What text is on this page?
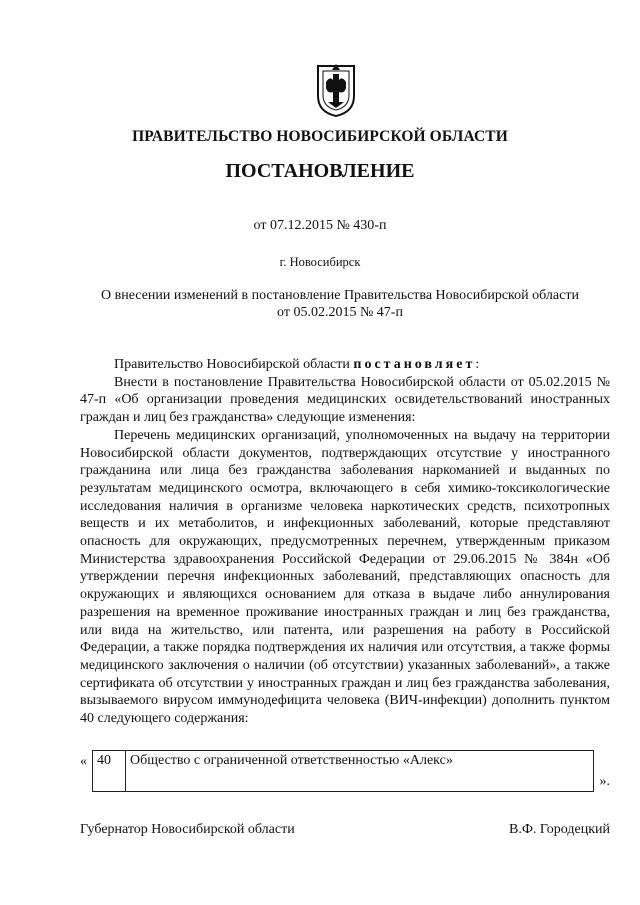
ПРАВИТЕЛЬСТВО НОВОСИБИРСКОЙ ОБЛАСТИ
ПОСТАНОВЛЕНИЕ
от 07.12.2015 № 430-п
г. Новосибирск
О внесении изменений в постановление Правительства Новосибирской области
от 05.02.2015 № 47-п

Правительство Новосибирской области постановляет:

Внести в постановление Правительства Новосибирской области от 05.02.2015 № 47-п «Об организации проведения медицинских освидетельствований иностранных граждан и лиц без гражданства» следующие изменения:

Перечень медицинских организаций, уполномоченных на выдачу на территории Новосибирской области документов, подтверждающих отсутствие у иностранного гражданина или лица без гражданства заболевания наркоманией и выданных по результатам медицинского осмотра, включающего в себя химико-токсикологические исследования наличия в организме человека наркотических средств, психотропных веществ и их метаболитов, и инфекционных заболеваний, которые представляют опасность для окружающих, предусмотренных перечнем, утвержденным приказом Министерства здравоохранения Российской Федерации от 29.06.2015 № 384н «Об утверждении перечня инфекционных заболеваний, представляющих опасность для окружающих и являющихся основанием для отказа в выдаче либо аннулирования разрешения на временное проживание иностранных граждан и лиц без гражданства, или вида на жительство, или патента, или разрешения на работу в Российской Федерации, а также порядка подтверждения их наличия или отсутствия, а также формы медицинского заключения о наличии (об отсутствии) указанных заболеваний», а также сертификата об отсутствии у иностранных граждан и лиц без гражданства заболевания, вызываемого вирусом иммунодефицита человека (ВИЧ-инфекции) дополнить пунктом 40 следующего содержания:

« 40	Общество с ограниченной ответственностью «Алекс»
».
Губернатор Новосибирской области	В.Ф. Городецкий
